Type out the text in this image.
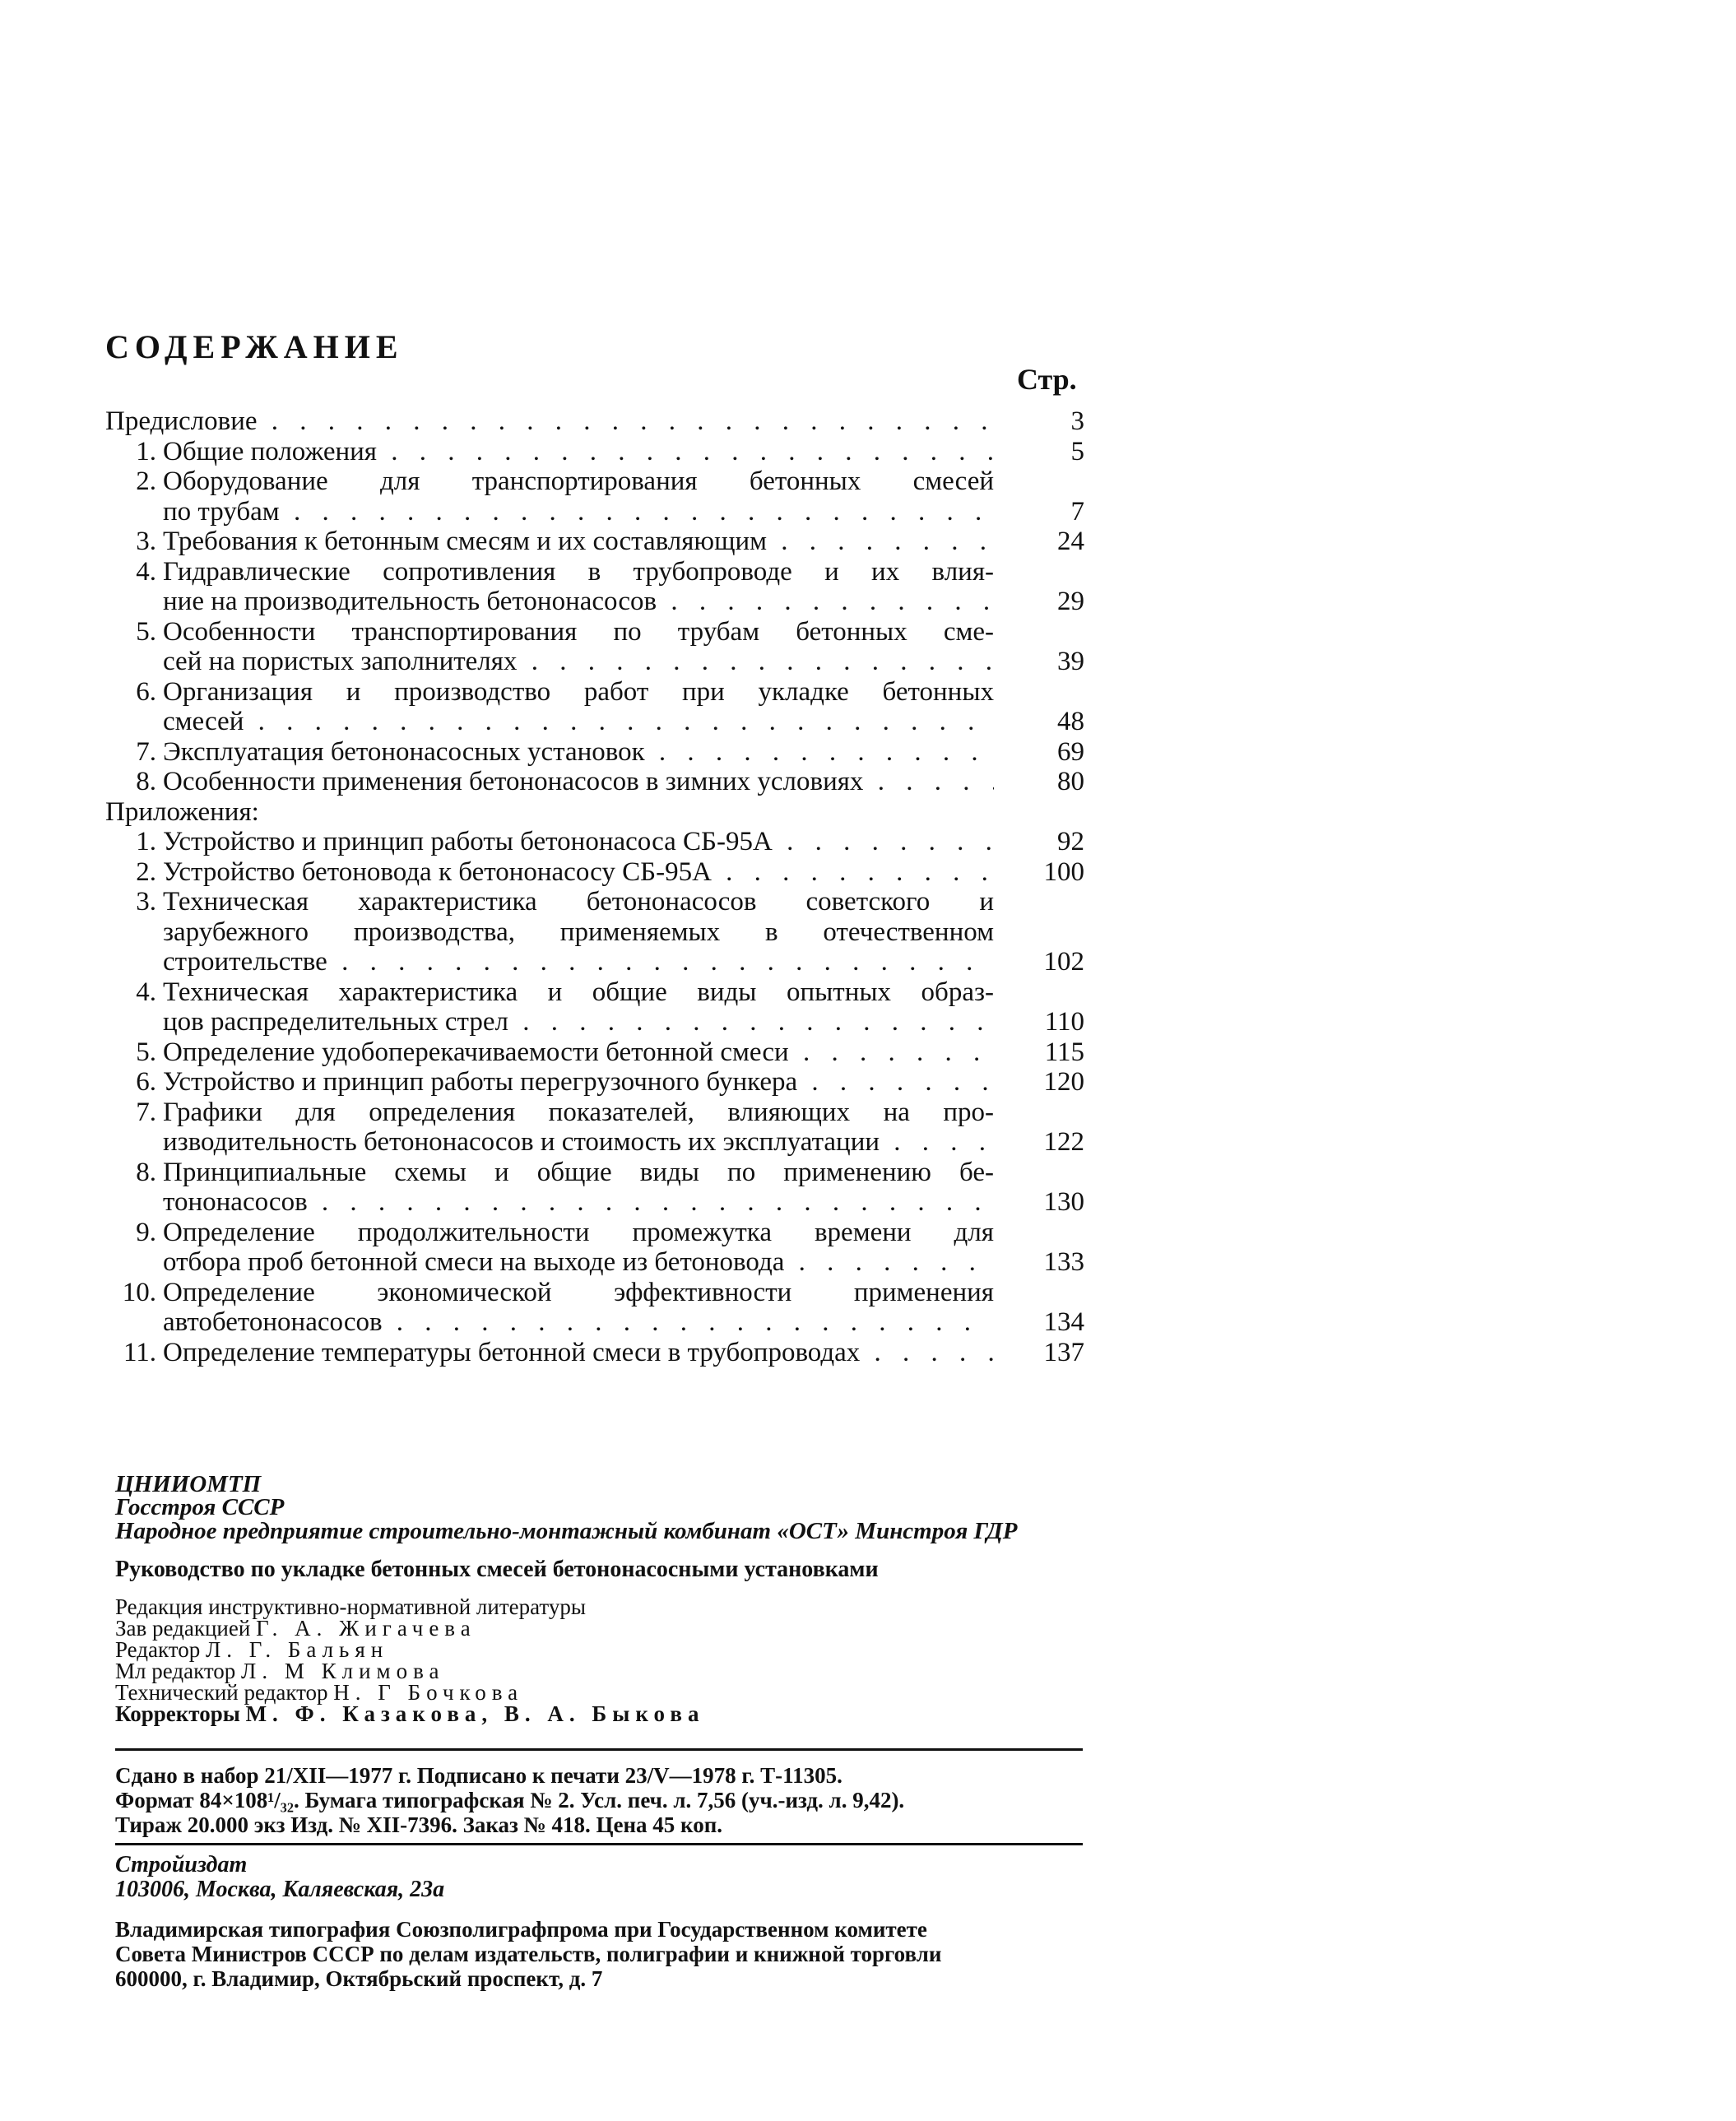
СОДЕРЖАНИЕ
Стр.
Предисловие . . .	3
1. Общие положения . . .	5
2. Оборудование для транспортирования бетонных смесей
по трубам . . .	7
3. Требования к бетонным смесям и их составляющим . . .	24
4. Гидравлические сопротивления в трубопроводе и их влия-
ние на производительность бетононасосов . . .	29
5. Особенности транспортирования по трубам бетонных сме-
сей на пористых заполнителях . . .	39
6. Организация и производство работ при укладке бетонных
смесей . . .	48
7. Эксплуатация бетононасосных установок . . .	69
8. Особенности применения бетононасосов в зимних условиях . . .	80
Приложения:
1. Устройство и принцип работы бетононасоса СБ-95А . . .	92
2. Устройство бетоновода к бетононасосу СБ-95А . . .	100
3. Техническая характеристика бетононасосов советского и
зарубежного производства, применяемых в отечественном
строительстве . . .	102
4. Техническая характеристика и общие виды опытных образ-
цов распределительных стрел . . .	110
5. Определение удобоперекачиваемости бетонной смеси . . .	115
6. Устройство и принцип работы перегрузочного бункера . . .	120
7. Графики для определения показателей, влияющих на про-
изводительность бетононасосов и стоимость их эксплуатации . . .	122
8. Принципиальные схемы и общие виды по применению бе-
тононасосов . . .	130
9. Определение продолжительности промежутка времени для
отбора проб бетонной смеси на выходе из бетоновода . . .	133
10. Определение экономической эффективности применения
автобетононасосов . . .	134
11. Определение температуры бетонной смеси в трубопроводах . . .	137
ЦНИИОМТП
Госстроя СССР
Народное предприятие строительно-монтажный комбинат «ОСТ» Минстроя ГДР
Руководство по укладке бетонных смесей бетононасосными установками
Редакция инструктивно-нормативной литературы
Зав редакцией Г. А. Жигачева
Редактор Л. Г. Бальян
Мл редактор Л. М Климова
Технический редактор Н. Г Бочкова
Корректоры М. Ф. Казакова, В. А. Быкова
Сдано в набор 21/XII—1977 г. Подписано к печати 23/V—1978 г. Т-11305.
Формат 84×108¹/₃₂. Бумага типографская № 2. Усл. печ. л. 7,56 (уч.-изд. л. 9,42).
Тираж 20.000 экз Изд. № XII-7396. Заказ № 418. Цена 45 коп.
Стройиздат
103006, Москва, Каляевская, 23а
Владимирская типография Союзполиграфпрома при Государственном комитете
Совета Министров СССР по делам издательств, полиграфии и книжной торговли
600000, г. Владимир, Октябрьский проспект, д. 7
